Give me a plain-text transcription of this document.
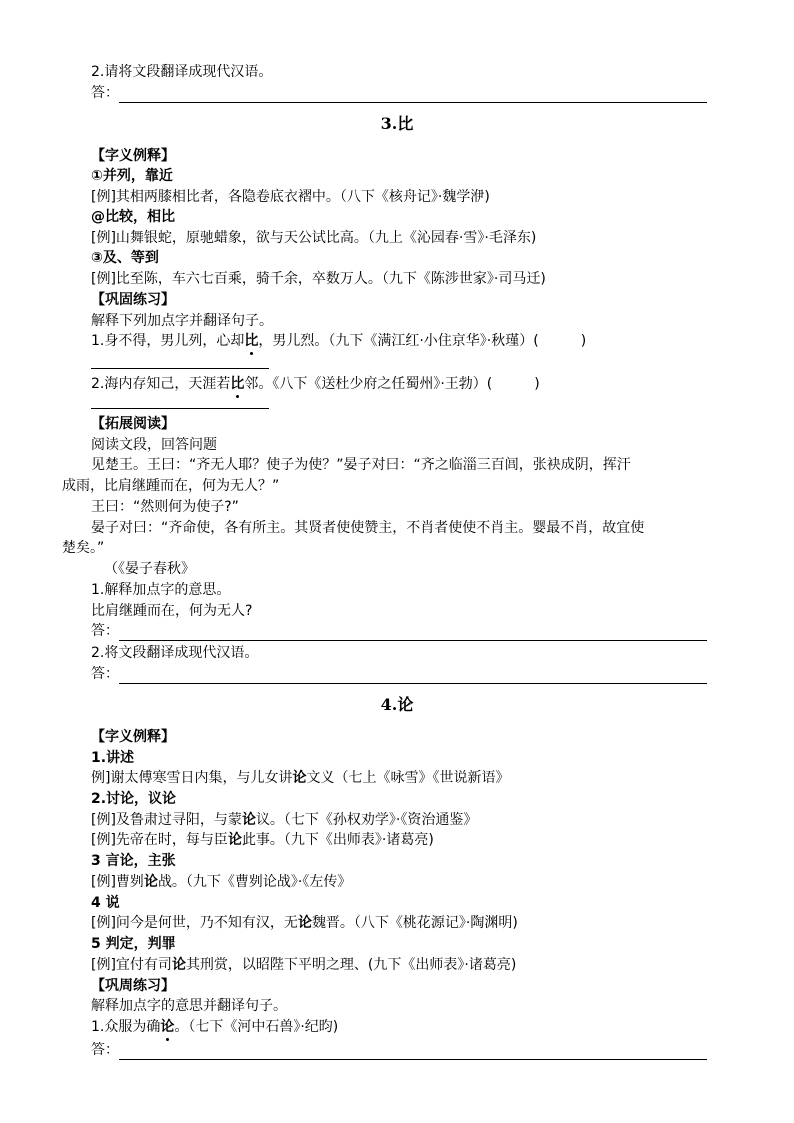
2.请将文段翻译成现代汉语。
答：
3.比
【字义例释】
①并列，靠近
[例]其相两膝相比者，各隐卷底衣褶中。（八下《核舟记》·魏学洢)
@比较，相比
[例]山舞银蛇，原驰蜡象，欲与天公试比高。（九上《沁园春·雪》·毛泽东)
③及、等到
[例]比至陈，车六七百乘，骑千余，卒数万人。（九下《陈涉世家》·司马迁)
【巩固练习】
解释下列加点字并翻译句子。
1.身不得，男儿列，心却比，男儿烈。（九下《满江红·小住京华》·秋瑾）(　　　)
2.海内存知己，天涯若比邻。《八下《送杜少府之任蜀州》·王勃）(　　　)
【拓展阅读】
阅读文段，回答问题
见楚王。王曰：“齐无人耶？使子为使？”晏子对曰：“齐之临淄三百闾，张袂成阴，挥汗
成雨，比肩继踵而在，何为无人？”
王曰：“然则何为使子?”
晏子对曰：“齐命使，各有所主。其贤者使使赞主，不肖者使使不肖主。婴最不肖，故宜使
楚矣。”
（《晏子春秋》
1.解释加点字的意思。
比肩继踵而在，何为无人?
答：
2.将文段翻译成现代汉语。
答：
4.论
【字义例释】
1.讲述
例]谢太傅寒雪日内集，与儿女讲论文义（七上《咏雪》《世说新语》
2.讨论，议论
[例]及鲁肃过寻阳，与蒙论议。（七下《孙权劝学》·《资治通鉴》
[例]先帝在时，每与臣论此事。（九下《出师表》·诸葛亮)
3 言论，主张
[例]曹刿论战。（九下《曹刿论战》·《左传》
4 说
[例]问今是何世，乃不知有汉，无论魏晋。（八下《桃花源记》·陶渊明)
5 判定，判罪
[例]宜付有司论其刑赏，以昭陛下平明之理、(九下《出师表》·诸葛亮)
【巩周练习】
解释加点字的意思并翻译句子。
1.众服为确论。（七下《河中石兽》·纪昀)
答：
